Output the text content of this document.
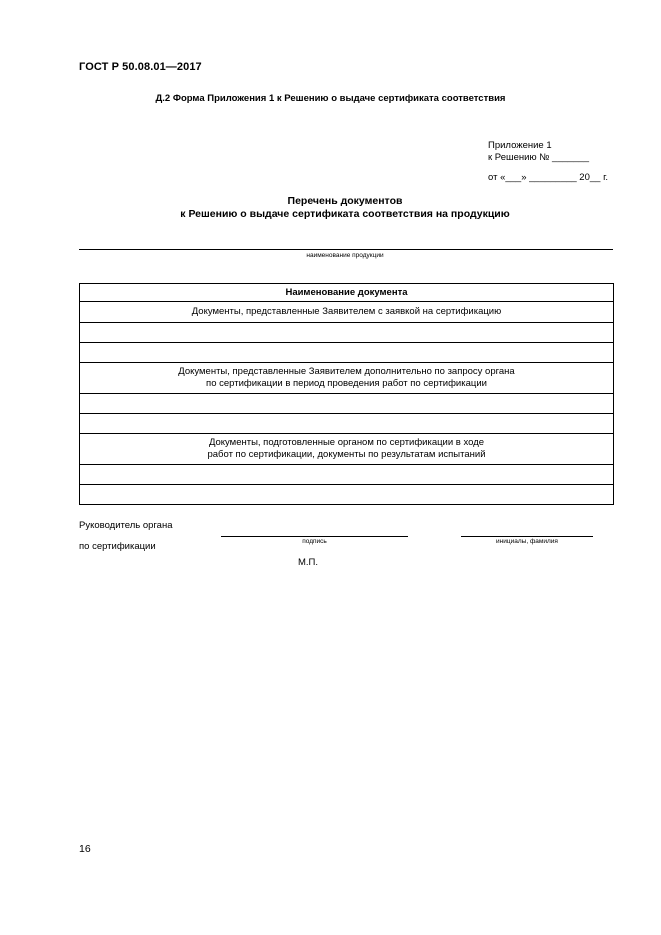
ГОСТ Р 50.08.01—2017
Д.2 Форма Приложения 1 к Решению о выдаче сертификата соответствия
Приложение 1
к Решению № _______
от «___» _________ 20__ г.
Перечень документов
к Решению о выдаче сертификата соответствия на продукцию
наименование продукции
Наименование документа
Документы, представленные Заявителем с заявкой на сертификацию

Документы, представленные Заявителем дополнительно по запросу органа
по сертификации в период проведения работ по сертификации

Документы, подготовленные органом по сертификации в ходе
работ по сертификации, документы по результатам испытаний

Руководитель органа
по сертификации	подпись	инициалы, фамилия
М.П.
16
